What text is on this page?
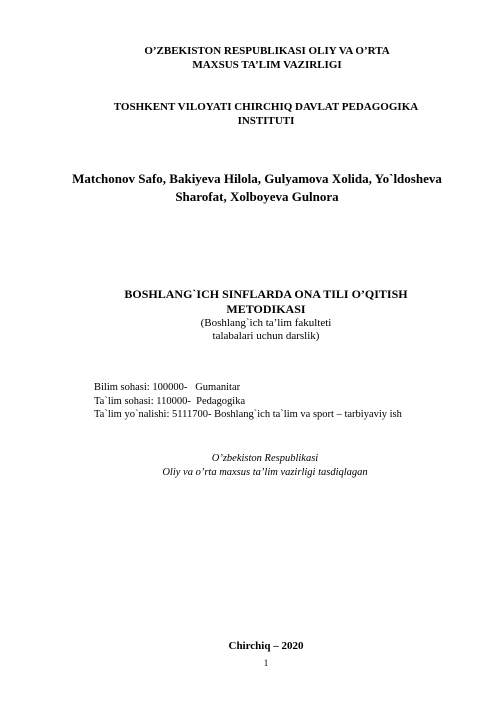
O’ZBEKISTON RESPUBLIKASI OLIY VA O’RTA
MAXSUS TA’LIM VAZIRLIGI
TOSHKENT VILOYATI CHIRCHIQ DAVLAT PEDAGOGIKA
INSTITUTI
Matchonov Safo, Bakiyeva Hilola, Gulyamova Xolida, Yo`ldosheva
Sharofat, Xolboyeva Gulnora
BOSHLANG`ICH SINFLARDA ONA TILI O’QITISH
METODIKASI
(Boshlang`ich ta’lim fakulteti
talabalari uchun darslik)
Bilim sohasi: 100000-   Gumanitar
Ta`lim sohasi: 110000-  Pedagogika
Ta`lim yo`nalishi: 5111700- Boshlang`ich ta`lim va sport – tarbiyaviy ish
O’zbekiston Respublikasi
Oliy va o’rta maxsus ta’lim vazirligi tasdiqlagan
Chirchiq – 2020
1
